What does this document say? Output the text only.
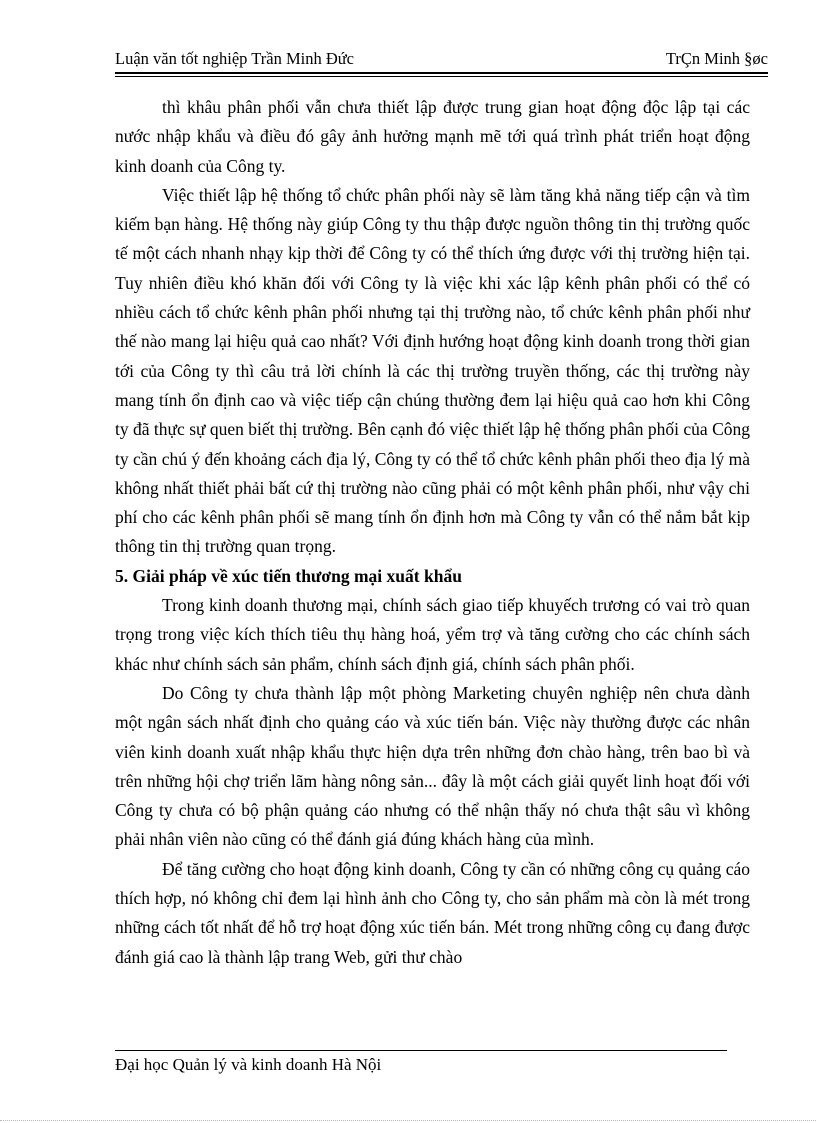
Luận văn tốt nghiệp Trần Minh Đức	TrÇn Minh §øc

thì khâu phân phối vẫn chưa thiết lập được trung gian hoạt động độc lập tại các nước nhập khẩu và điều đó gây ảnh hưởng mạnh mẽ tới quá trình phát triển hoạt động kinh doanh của Công ty.

Việc thiết lập hệ thống tổ chức phân phối này sẽ làm tăng khả năng tiếp cận và tìm kiếm bạn hàng. Hệ thống này giúp Công ty thu thập được nguồn thông tin thị trường quốc tế một cách nhanh nhạy kịp thời để Công ty có thể thích ứng được với thị trường hiện tại. Tuy nhiên điều khó khăn đối với Công ty là việc khi xác lập kênh phân phối có thể có nhiều cách tổ chức kênh phân phối nhưng tại thị trường nào, tổ chức kênh phân phối như thế nào mang lại hiệu quả cao nhất? Với định hướng hoạt động kinh doanh trong thời gian tới của Công ty thì câu trả lời chính là các thị trường truyền thống, các thị trường này mang tính ổn định cao và việc tiếp cận chúng thường đem lại hiệu quả cao hơn khi Công ty đã thực sự quen biết thị trường. Bên cạnh đó việc thiết lập hệ thống phân phối của Công ty cần chú ý đến khoảng cách địa lý, Công ty có thể tổ chức kênh phân phối theo địa lý mà không nhất thiết phải bất cứ thị trường nào cũng phải có một kênh phân phối, như vậy chi phí cho các kênh phân phối sẽ mang tính ổn định hơn mà Công ty vẫn có thể nắm bắt kịp thông tin thị trường quan trọng.

5. Giải pháp về xúc tiến thương mại xuất khẩu

Trong kinh doanh thương mại, chính sách giao tiếp khuyếch trương có vai trò quan trọng trong việc kích thích tiêu thụ hàng hoá, yểm trợ và tăng cường cho các chính sách khác như chính sách sản phẩm, chính sách định giá, chính sách phân phối.

Do Công ty chưa thành lập một phòng Marketing chuyên nghiệp nên chưa dành một ngân sách nhất định cho quảng cáo và xúc tiến bán. Việc này thường được các nhân viên kinh doanh xuất nhập khẩu thực hiện dựa trên những đơn chào hàng, trên bao bì và trên những hội chợ triển lãm hàng nông sản... đây là một cách giải quyết linh hoạt đối với Công ty chưa có bộ phận quảng cáo nhưng có thể nhận thấy nó chưa thật sâu vì không phải nhân viên nào cũng có thể đánh giá đúng khách hàng của mình.

Để tăng cường cho hoạt động kinh doanh, Công ty cần có những công cụ quảng cáo thích hợp, nó không chỉ đem lại hình ảnh cho Công ty, cho sản phẩm mà còn là mét trong những cách tốt nhất để hỗ trợ hoạt động xúc tiến bán. Mét trong những công cụ đang được đánh giá cao là thành lập trang Web, gửi thư chào

Đại học Quản lý và kinh doanh Hà Nội
